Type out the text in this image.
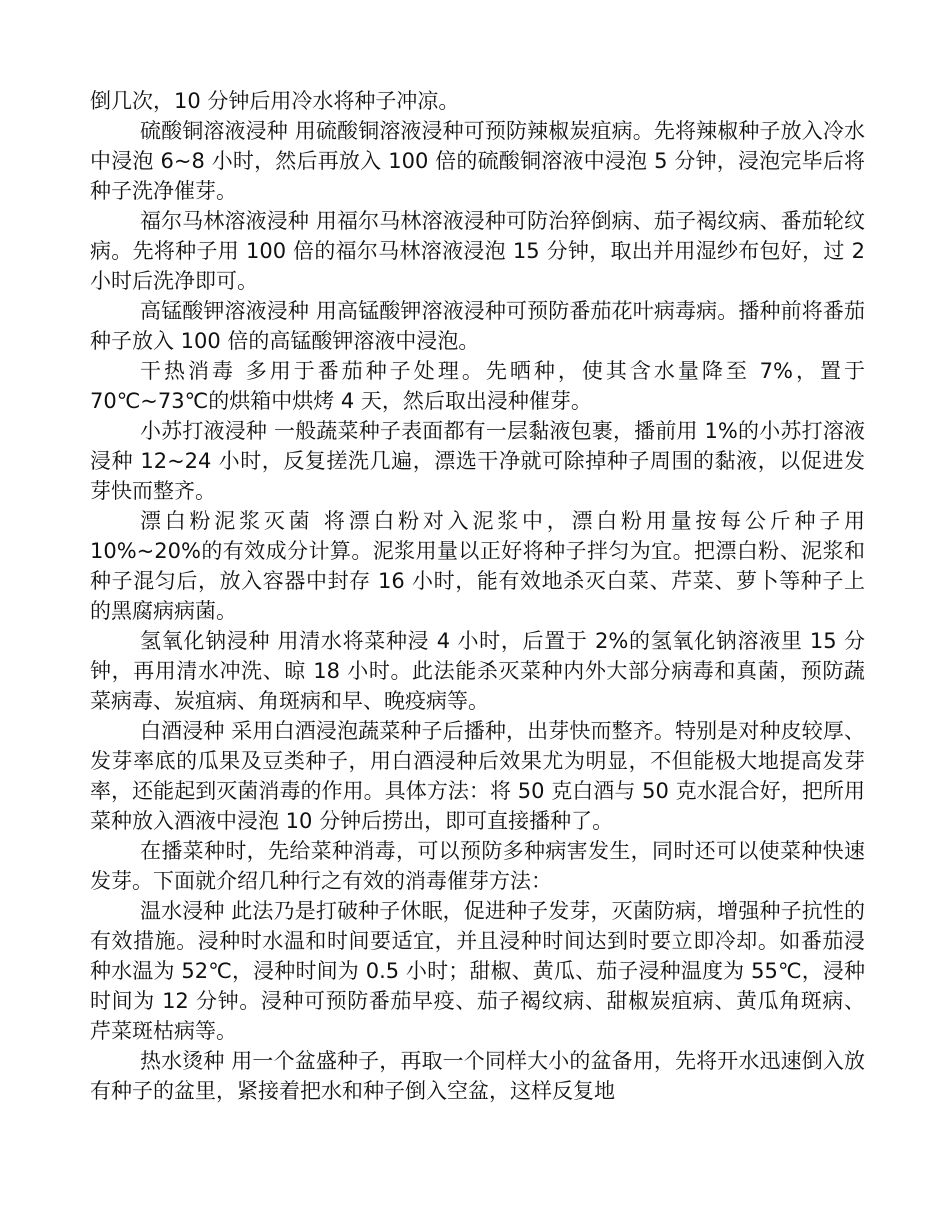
倒几次，10 分钟后用冷水将种子冲凉。

硫酸铜溶液浸种 用硫酸铜溶液浸种可预防辣椒炭疽病。先将辣椒种子放入冷水中浸泡 6~8 小时，然后再放入 100 倍的硫酸铜溶液中浸泡 5 分钟，浸泡完毕后将种子洗净催芽。

福尔马林溶液浸种 用福尔马林溶液浸种可防治猝倒病、茄子褐纹病、番茄轮纹病。先将种子用 100 倍的福尔马林溶液浸泡 15 分钟，取出并用湿纱布包好，过 2 小时后洗净即可。

高锰酸钾溶液浸种 用高锰酸钾溶液浸种可预防番茄花叶病毒病。播种前将番茄种子放入 100 倍的高锰酸钾溶液中浸泡。

干热消毒 多用于番茄种子处理。先晒种，使其含水量降至 7%，置于 70℃~73℃的烘箱中烘烤 4 天，然后取出浸种催芽。

小苏打液浸种 一般蔬菜种子表面都有一层黏液包裹，播前用 1%的小苏打溶液浸种 12~24 小时，反复搓洗几遍，漂选干净就可除掉种子周围的黏液，以促进发芽快而整齐。

漂白粉泥浆灭菌 将漂白粉对入泥浆中，漂白粉用量按每公斤种子用 10%~20%的有效成分计算。泥浆用量以正好将种子拌匀为宜。把漂白粉、泥浆和种子混匀后，放入容器中封存 16 小时，能有效地杀灭白菜、芹菜、萝卜等种子上的黑腐病病菌。

氢氧化钠浸种 用清水将菜种浸 4 小时，后置于 2%的氢氧化钠溶液里 15 分钟，再用清水冲洗、晾 18 小时。此法能杀灭菜种内外大部分病毒和真菌，预防蔬菜病毒、炭疽病、角斑病和早、晚疫病等。

白酒浸种 采用白酒浸泡蔬菜种子后播种，出芽快而整齐。特别是对种皮较厚、发芽率底的瓜果及豆类种子，用白酒浸种后效果尤为明显，不但能极大地提高发芽率，还能起到灭菌消毒的作用。具体方法：将 50 克白酒与 50 克水混合好，把所用菜种放入酒液中浸泡 10 分钟后捞出，即可直接播种了。

在播菜种时，先给菜种消毒，可以预防多种病害发生，同时还可以使菜种快速发芽。下面就介绍几种行之有效的消毒催芽方法：

温水浸种 此法乃是打破种子休眠，促进种子发芽，灭菌防病，增强种子抗性的有效措施。浸种时水温和时间要适宜，并且浸种时间达到时要立即冷却。如番茄浸种水温为 52℃，浸种时间为 0.5 小时；甜椒、黄瓜、茄子浸种温度为 55℃，浸种时间为 12 分钟。浸种可预防番茄早疫、茄子褐纹病、甜椒炭疽病、黄瓜角斑病、芹菜斑枯病等。

热水烫种 用一个盆盛种子，再取一个同样大小的盆备用，先将开水迅速倒入放有种子的盆里，紧接着把水和种子倒入空盆，这样反复地
